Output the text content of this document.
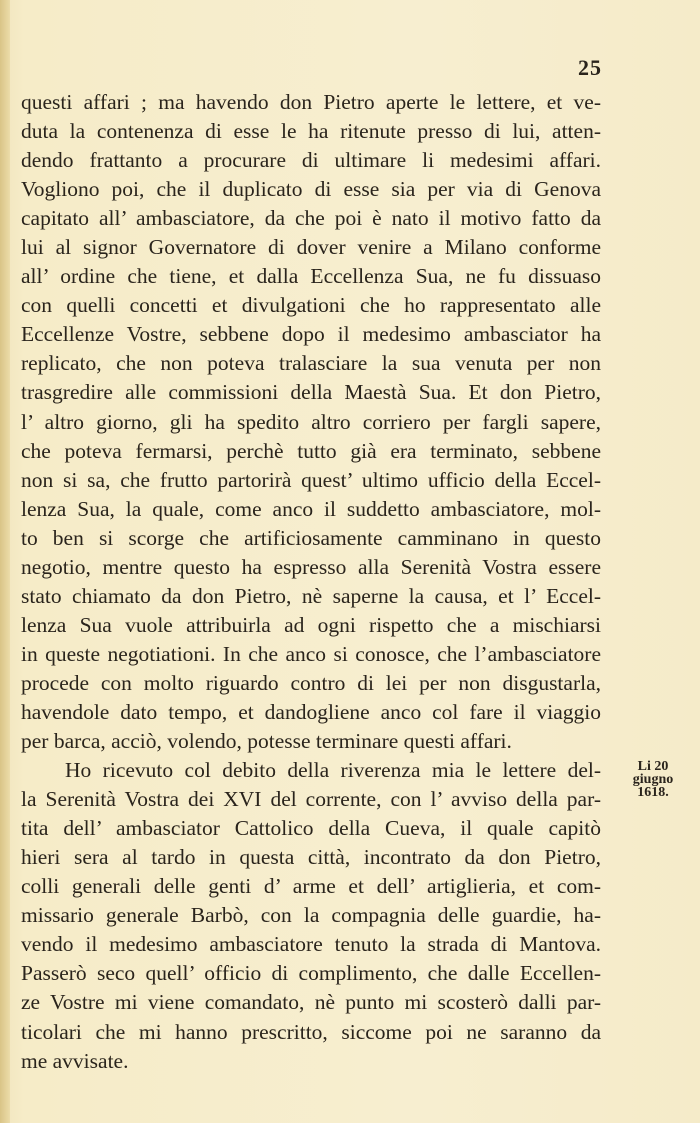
25
questi affari ; ma havendo don Pietro aperte le lettere, et ve-
duta la contenenza di esse le ha ritenute presso di lui, atten-
dendo frattanto a procurare di ultimare li medesimi affari.
Vogliono poi, che il duplicato di esse sia per via di Genova
capitato all’ ambasciatore, da che poi è nato il motivo fatto da
lui al signor Governatore di dover venire a Milano conforme
all’ ordine che tiene, et dalla Eccellenza Sua, ne fu dissuaso
con quelli concetti et divulgationi che ho rappresentato alle
Eccellenze Vostre, sebbene dopo il medesimo ambasciator ha
replicato, che non poteva tralasciare la sua venuta per non
trasgredire alle commissioni della Maestà Sua. Et don Pietro,
l’ altro giorno, gli ha spedito altro corriero per fargli sapere,
che poteva fermarsi, perchè tutto già era terminato, sebbene
non si sa, che frutto partorirà quest’ ultimo ufficio della Eccel-
lenza Sua, la quale, come anco il suddetto ambasciatore, mol-
to ben si scorge che artificiosamente camminano in questo
negotio, mentre questo ha espresso alla Serenità Vostra essere
stato chiamato da don Pietro, nè saperne la causa, et l’ Eccel-
lenza Sua vuole attribuirla ad ogni rispetto che a mischiarsi
in queste negotiationi. In che anco si conosce, che l’ambasciatore
procede con molto riguardo contro di lei per non disgustarla,
havendole dato tempo, et dandogliene anco col fare il viaggio
per barca, acciò, volendo, potesse terminare questi affari.
Ho ricevuto col debito della riverenza mia le lettere del-
la Serenità Vostra dei XVI del corrente, con l’ avviso della par-
tita dell’ ambasciator Cattolico della Cueva, il quale capitò
hieri sera al tardo in questa città, incontrato da don Pietro,
colli generali delle genti d’ arme et dell’ artiglieria, et com-
missario generale Barbò, con la compagnia delle guardie, ha-
vendo il medesimo ambasciatore tenuto la strada di Mantova.
Passerò seco quell’ officio di complimento, che dalle Eccellen-
ze Vostre mi viene comandato, nè punto mi scosterò dalli par-
ticolari che mi hanno prescritto, siccome poi ne saranno da
me avvisate.
Li 20
giugno
1618.
